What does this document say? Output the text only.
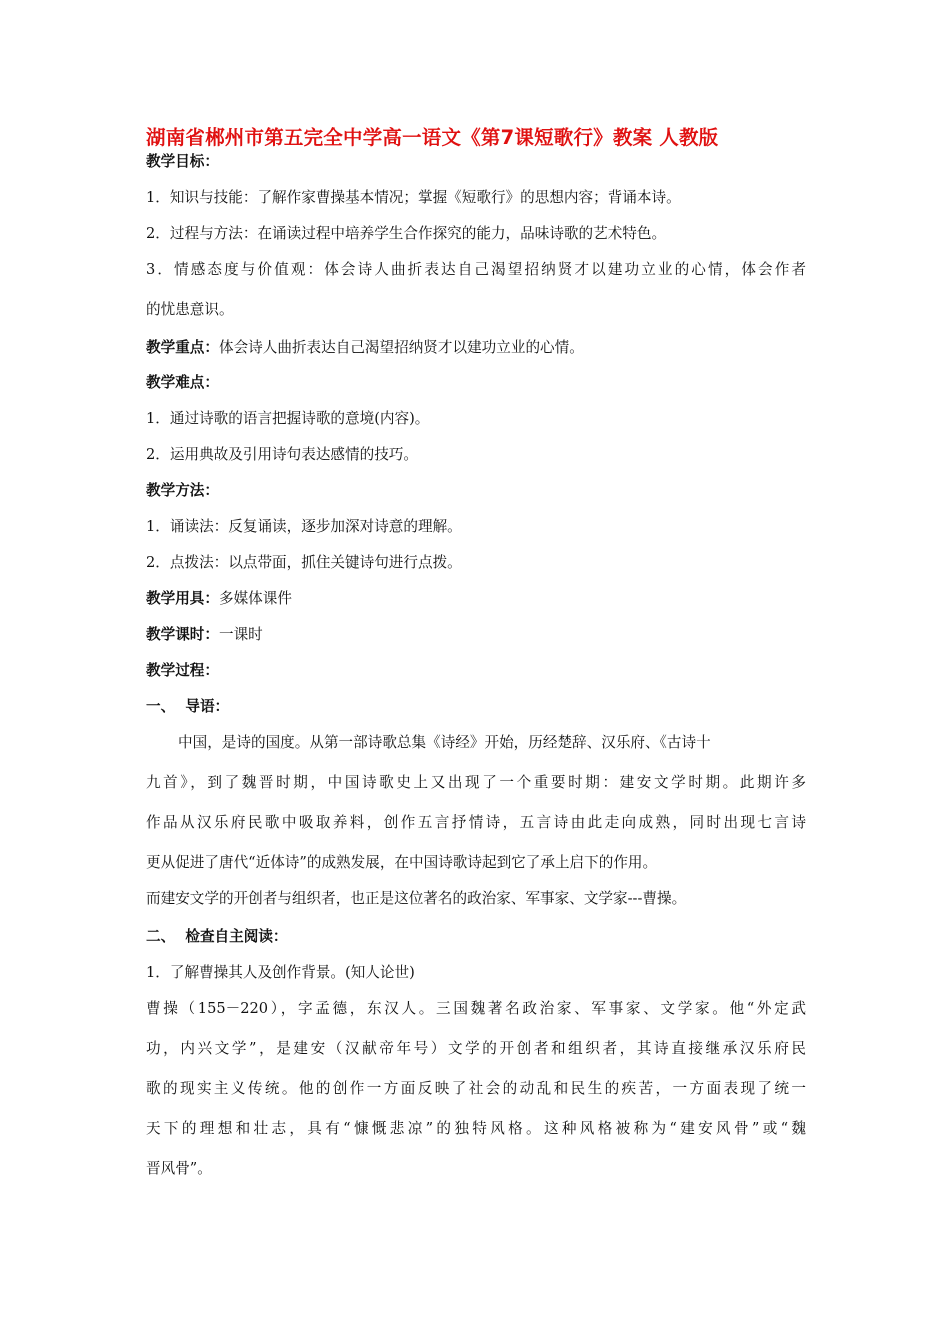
湖南省郴州市第五完全中学高一语文《第7课短歌行》教案 人教版
教学目标：
1．知识与技能：了解作家曹操基本情况；掌握《短歌行》的思想内容；背诵本诗。
2．过程与方法：在诵读过程中培养学生合作探究的能力，品味诗歌的艺术特色。
3．情感态度与价值观：体会诗人曲折表达自己渴望招纳贤才以建功立业的心情，体会作者
的忧患意识。
教学重点：体会诗人曲折表达自己渴望招纳贤才以建功立业的心情。
教学难点：
1．通过诗歌的语言把握诗歌的意境(内容)。
2．运用典故及引用诗句表达感情的技巧。
教学方法：
1．诵读法：反复诵读，逐步加深对诗意的理解。
2．点拨法：以点带面，抓住关键诗句进行点拨。
教学用具：多媒体课件
教学课时：一课时
教学过程：
一、  导语：
中国，是诗的国度。从第一部诗歌总集《诗经》开始，历经楚辞、汉乐府、《古诗十
九首》，到了魏晋时期，中国诗歌史上又出现了一个重要时期：建安文学时期。此期许多
作品从汉乐府民歌中吸取养料，创作五言抒情诗，五言诗由此走向成熟，同时出现七言诗
更从促进了唐代“近体诗”的成熟发展，在中国诗歌诗起到它了承上启下的作用。
而建安文学的开创者与组织者，也正是这位著名的政治家、军事家、文学家---曹操。
二、  检查自主阅读：
1．了解曹操其人及创作背景。(知人论世)
曹操（155－220），字孟德，东汉人。三国魏著名政治家、军事家、文学家。他“外定武
功，内兴文学”，是建安（汉献帝年号）文学的开创者和组织者，其诗直接继承汉乐府民
歌的现实主义传统。他的创作一方面反映了社会的动乱和民生的疾苦，一方面表现了统一
天下的理想和壮志，具有“慷慨悲凉”的独特风格。这种风格被称为“建安风骨”或“魏
晋风骨”。
